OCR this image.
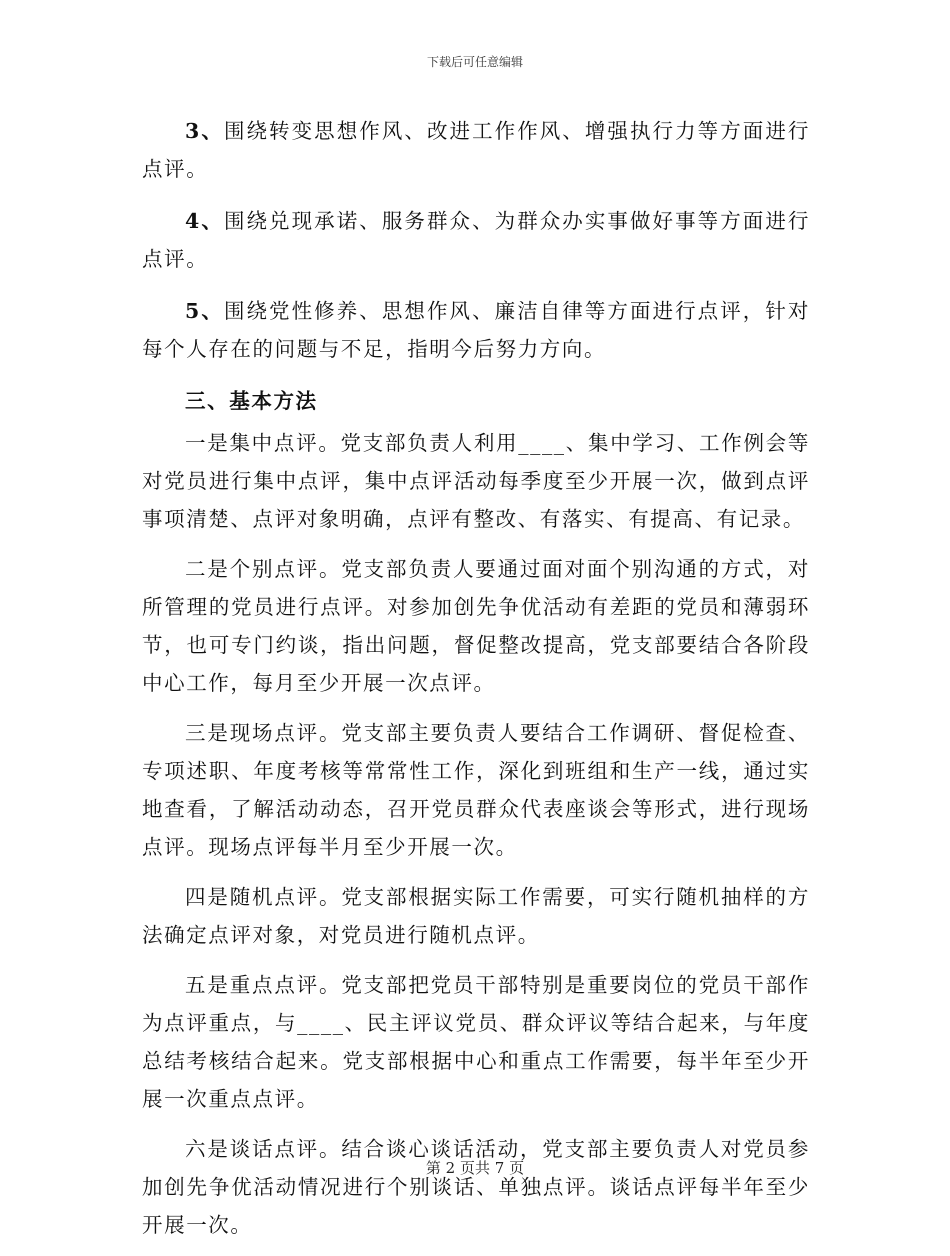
下载后可任意编辑

3、围绕转变思想作风、改进工作作风、增强执行力等方面进行点评。

4、围绕兑现承诺、服务群众、为群众办实事做好事等方面进行点评。

5、围绕党性修养、思想作风、廉洁自律等方面进行点评，针对每个人存在的问题与不足，指明今后努力方向。

三、基本方法

一是集中点评。党支部负责人利用____、集中学习、工作例会等对党员进行集中点评，集中点评活动每季度至少开展一次，做到点评事项清楚、点评对象明确，点评有整改、有落实、有提高、有记录。

二是个别点评。党支部负责人要通过面对面个别沟通的方式，对所管理的党员进行点评。对参加创先争优活动有差距的党员和薄弱环节，也可专门约谈，指出问题，督促整改提高，党支部要结合各阶段中心工作，每月至少开展一次点评。

三是现场点评。党支部主要负责人要结合工作调研、督促检查、专项述职、年度考核等常常性工作，深化到班组和生产一线，通过实地查看，了解活动动态，召开党员群众代表座谈会等形式，进行现场点评。现场点评每半月至少开展一次。

四是随机点评。党支部根据实际工作需要，可实行随机抽样的方法确定点评对象，对党员进行随机点评。

五是重点点评。党支部把党员干部特别是重要岗位的党员干部作为点评重点，与____、民主评议党员、群众评议等结合起来，与年度总结考核结合起来。党支部根据中心和重点工作需要，每半年至少开展一次重点点评。

六是谈话点评。结合谈心谈话活动，党支部主要负责人对党员参加创先争优活动情况进行个别谈话、单独点评。谈话点评每半年至少开展一次。

第 2 页共 7 页
